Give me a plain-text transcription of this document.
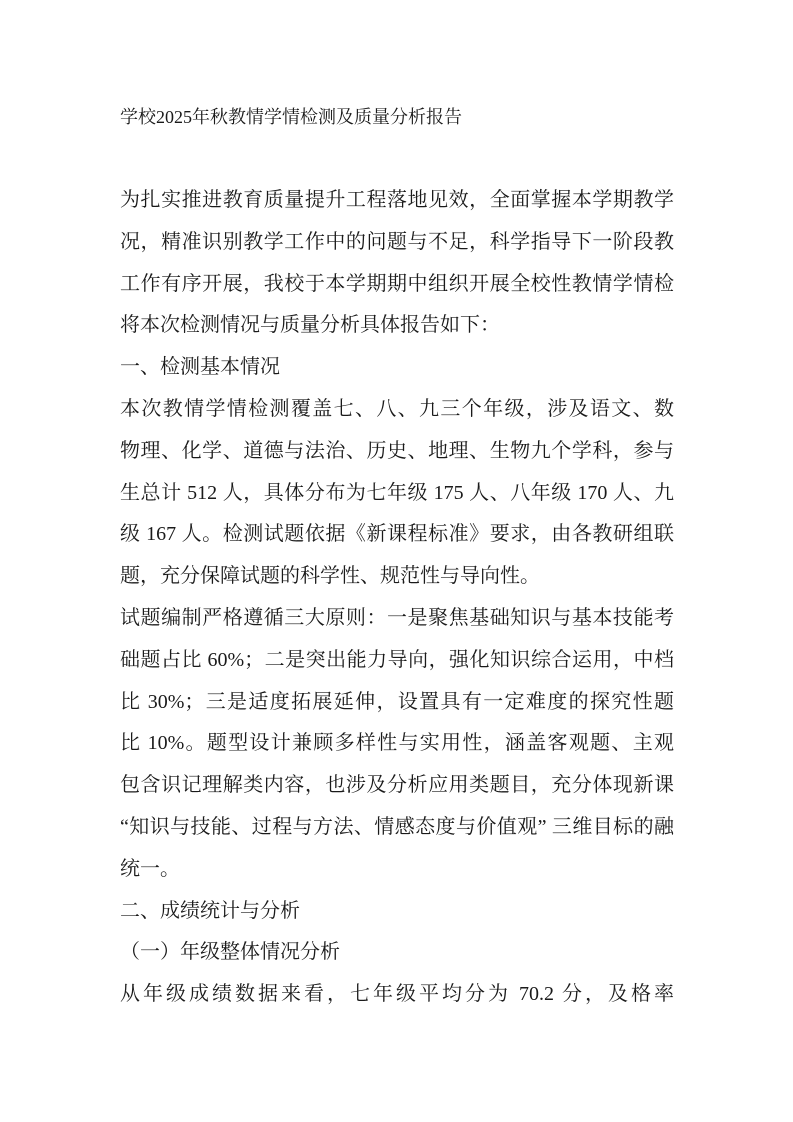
学校2025年秋教情学情检测及质量分析报告
为扎实推进教育质量提升工程落地见效，全面掌握本学期教学
况，精准识别教学工作中的问题与不足，科学指导下一阶段教
工作有序开展，我校于本学期期中组织开展全校性教情学情检
将本次检测情况与质量分析具体报告如下：
一、检测基本情况
本次教情学情检测覆盖七、八、九三个年级，涉及语文、数
物理、化学、道德与法治、历史、地理、生物九个学科，参与
生总计 512 人，具体分布为七年级 175 人、八年级 170 人、九
级 167 人。检测试题依据《新课程标准》要求，由各教研组联
题，充分保障试题的科学性、规范性与导向性。
试题编制严格遵循三大原则：一是聚焦基础知识与基本技能考
础题占比 60%；二是突出能力导向，强化知识综合运用，中档
比 30%；三是适度拓展延伸，设置具有一定难度的探究性题
比 10%。题型设计兼顾多样性与实用性，涵盖客观题、主观
包含识记理解类内容，也涉及分析应用类题目，充分体现新课
“知识与技能、过程与方法、情感态度与价值观” 三维目标的融
统一。
二、成绩统计与分析
（一）年级整体情况分析
从年级成绩数据来看，七年级平均分为 70.2 分，及格率
